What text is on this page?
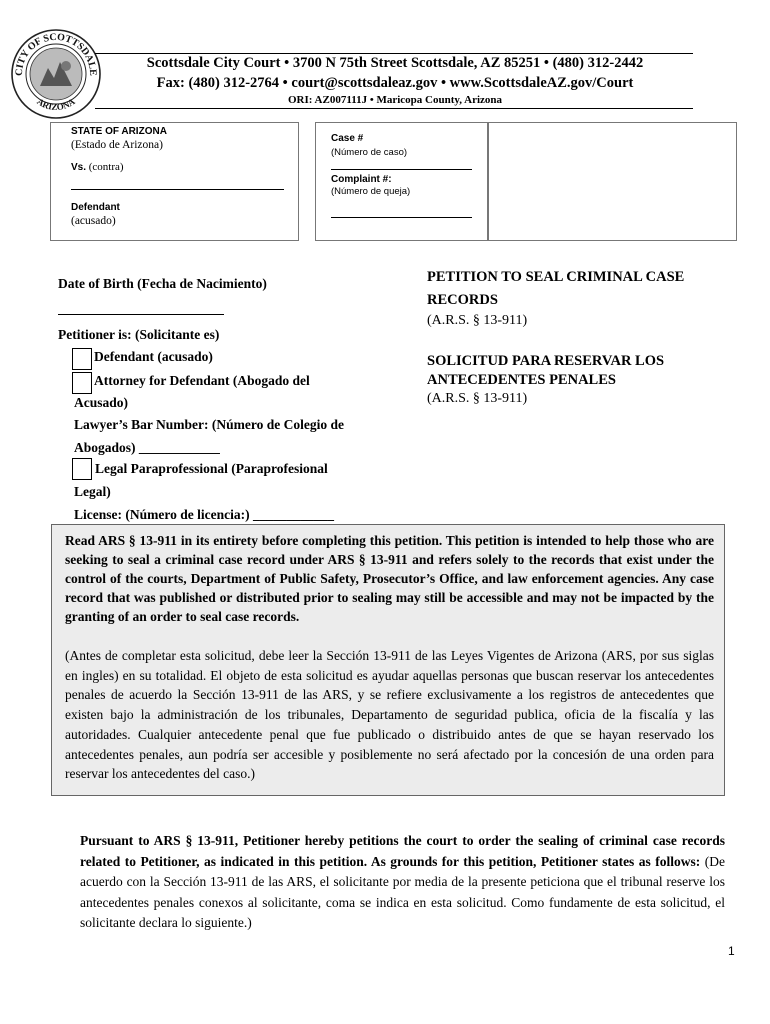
CITY OF SCOTTSDALE
ARIZONA
Scottsdale City Court • 3700 N 75th Street Scottsdale, AZ 85251 • (480) 312-2442
Fax: (480) 312-2764 • court@scottsdaleaz.gov • www.ScottsdaleAZ.gov/Court
ORI: AZ007111J • Maricopa County, Arizona
STATE OF ARIZONA
(Estado de Arizona)
Vs. (contra)
Defendant
(acusado)
Case #
(Número de caso)
Complaint #:
(Número de queja)
Date of Birth (Fecha de Nacimiento)
Petitioner is: (Solicitante es)
Defendant (acusado)
Attorney for Defendant (Abogado del
Acusado)
Lawyer’s Bar Number: (Número de Colegio de
Abogados) ____________
Legal Paraprofessional (Paraprofesional
Legal)
License: (Número de licencia:) ____________
PETITION TO SEAL CRIMINAL CASE
RECORDS
(A.R.S. § 13-911)
SOLICITUD PARA RESERVAR LOS
ANTECEDENTES PENALES
(A.R.S. § 13-911)

Read ARS § 13-911 in its entirety before completing this petition. This petition is intended to help those who are seeking to seal a criminal case record under ARS § 13-911 and refers solely to the records that exist under the control of the courts, Department of Public Safety, Prosecutor’s Office, and law enforcement agencies. Any case record that was published or distributed prior to sealing may still be accessible and may not be impacted by the granting of an order to seal case records.

(Antes de completar esta solicitud, debe leer la Sección 13-911 de las Leyes Vigentes de Arizona (ARS, por sus siglas en ingles) en su totalidad. El objeto de esta solicitud es ayudar aquellas personas que buscan reservar los antecedentes penales de acuerdo la Sección 13-911 de las ARS, y se refiere exclusivamente a los registros de antecedentes que existen bajo la administración de los tribunales, Departamento de seguridad publica, oficia de la fiscalía y las autoridades. Cualquier antecedente penal que fue publicado o distribuido antes de que se hayan reservado los antecedentes penales, aun podría ser accesible y posiblemente no será afectado por la concesión de una orden para reservar los antecedentes del caso.)

Pursuant to ARS § 13-911, Petitioner hereby petitions the court to order the sealing of criminal case records related to Petitioner, as indicated in this petition. As grounds for this petition, Petitioner states as follows: (De acuerdo con la Sección 13-911 de las ARS, el solicitante por media de la presente peticiona que el tribunal reserve los antecedentes penales conexos al solicitante, coma se indica en esta solicitud. Como fundamente de esta solicitud, el solicitante declara lo siguiente.)
1
